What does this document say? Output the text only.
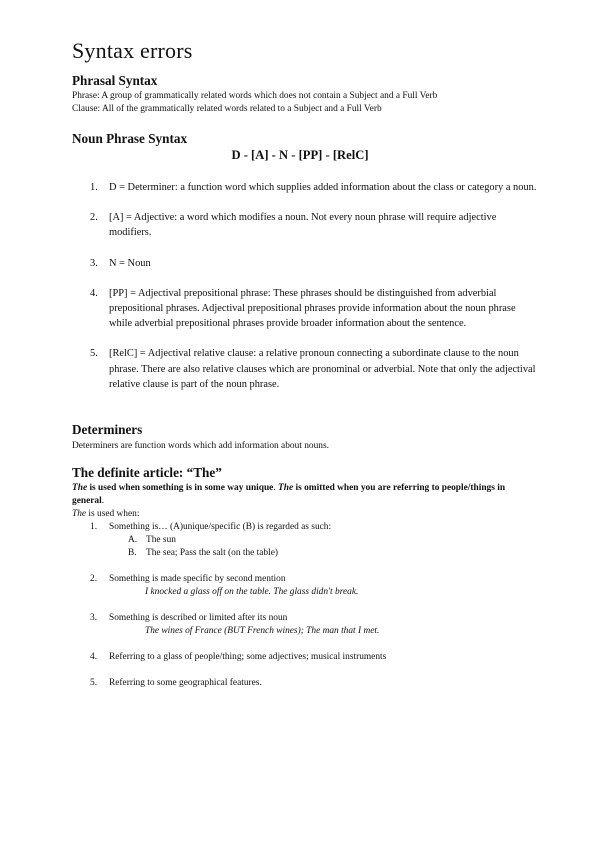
Syntax errors
Phrasal Syntax
Phrase: A group of grammatically related words which does not contain a Subject and a Full Verb
Clause: All of the grammatically related words related to a Subject and a Full Verb
Noun Phrase Syntax
D - [A] - N - [PP] - [RelC]
1. D = Determiner: a function word which supplies added information about the class or category a noun.
2. [A] = Adjective: a word which modifies a noun. Not every noun phrase will require adjective modifiers.
3. N = Noun
4. [PP] = Adjectival prepositional phrase: These phrases should be distinguished from adverbial prepositional phrases. Adjectival prepositional phrases provide information about the noun phrase while adverbial prepositional phrases provide broader information about the sentence.
5. [RelC] = Adjectival relative clause: a relative pronoun connecting a subordinate clause to the noun phrase. There are also relative clauses which are pronominal or adverbial. Note that only the adjectival relative clause is part of the noun phrase.
Determiners
Determiners are function words which add information about nouns.
The definite article: “The”
The is used when something is in some way unique. The is omitted when you are referring to people/things in general.
The is used when:
1. Something is… (A)unique/specific (B) is regarded as such:
A. The sun
B. The sea; Pass the salt (on the table)
2. Something is made specific by second mention
I knocked a glass off on the table. The glass didn't break.
3. Something is described or limited after its noun
The wines of France (BUT French wines); The man that I met.
4. Referring to a glass of people/thing; some adjectives; musical instruments
5. Referring to some geographical features.
